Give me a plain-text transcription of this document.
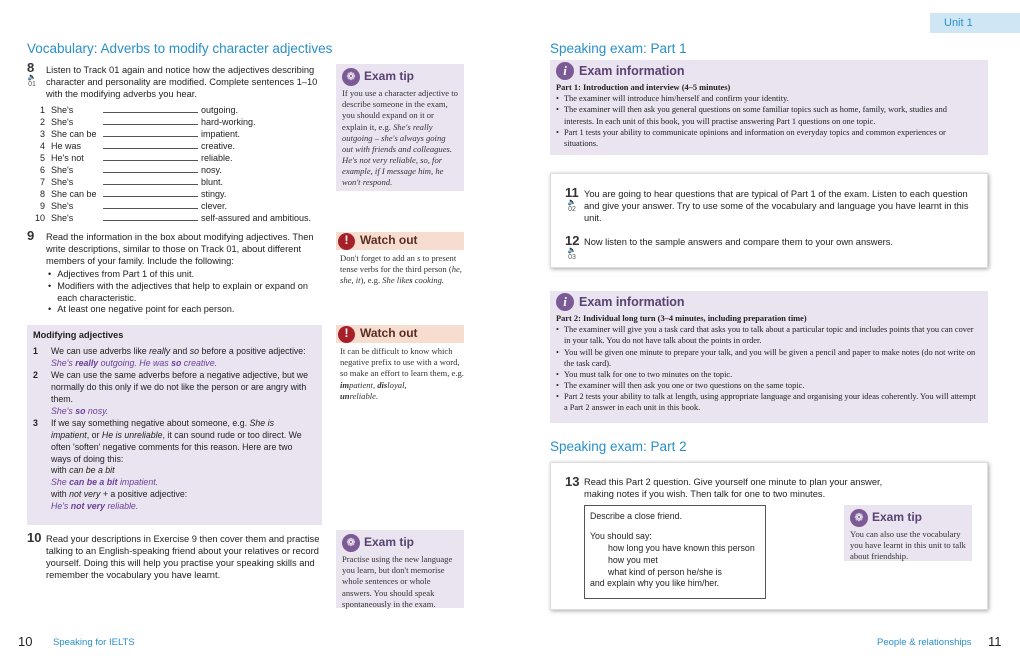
Unit 1
Vocabulary: Adverbs to modify character adjectives
8
🔈
01
Listen to Track 01 again and notice how the adjectives describing character and personality are modified. Complete sentences 1–10 with the modifying adverbs you hear.
1 She's	outgoing.
2 She's	hard-working.
3 She can be	impatient.
4 He was	creative.
5 He's not	reliable.
6 She's	nosy.
7 She's	blunt.
8 She can be	stingy.
9 She's	clever.
10 She's	self-assured and ambitious.
9 Read the information in the box about modifying adjectives. Then write descriptions, similar to those on Track 01, about different members of your family. Include the following:
• Adjectives from Part 1 of this unit.
• Modifiers with the adjectives that help to explain or expand on each characteristic.
• At least one negative point for each person.
Modifying adjectives
1	We can use adverbs like really and so before a positive adjective:
She's really outgoing. He was so creative.
2	We can use the same adverbs before a negative adjective, but we normally do this only if we do not like the person or are angry with them.
She's so nosy.
3	If we say something negative about someone, e.g. She is impatient, or He is unreliable, it can sound rude or too direct. We often 'soften' negative comments for this reason. Here are two ways of doing this:
with can be a bit
She can be a bit impatient.
with not very + a positive adjective:
He's not very reliable.
10 Read your descriptions in Exercise 9 then cover them and practise talking to an English-speaking friend about your relatives or record yourself. Doing this will help you practise your speaking skills and remember the vocabulary you have learnt.
❁ Exam tip
If you use a character adjective to describe someone in the exam, you should expand on it or explain it, e.g. She's really outgoing – she's always going out with friends and colleagues. He's not very reliable, so, for example, if I message him, he won't respond.
! Watch out
Don't forget to add an s to present tense verbs for the third person (he, she, it), e.g. She likes cooking.
! Watch out
It can be difficult to know which negative prefix to use with a word, so make an effort to learn them, e.g. impatient, disloyal,
unreliable.
❁ Exam tip
Practise using the new language you learn, but don't memorise whole sentences or whole answers. You should speak spontaneously in the exam.
10 Speaking for IELTS
Speaking exam: Part 1
i Exam information
Part 1: Introduction and interview (4–5 minutes)
• The examiner will introduce him/herself and confirm your identity.
• The examiner will then ask you general questions on some familiar topics such as home, family, work, studies and interests. In each unit of this book, you will practise answering Part 1 questions on one topic.
• Part 1 tests your ability to communicate opinions and information on everyday topics and common experiences or situations.
11
🔈
02
You are going to hear questions that are typical of Part 1 of the exam. Listen to each question and give your answer. Try to use some of the vocabulary and language you have learnt in this unit.
12
🔈
03
Now listen to the sample answers and compare them to your own answers.
i Exam information
Part 2: Individual long turn (3–4 minutes, including preparation time)
• The examiner will give you a task card that asks you to talk about a particular topic and includes points that you can cover in your talk. You do not have talk about the points in order.
• You will be given one minute to prepare your talk, and you will be given a pencil and paper to make notes (do not write on the task card).
• You must talk for one to two minutes on the topic.
• The examiner will then ask you one or two questions on the same topic.
• Part 2 tests your ability to talk at length, using appropriate language and organising your ideas coherently. You will attempt a Part 2 answer in each unit in this book.
Speaking exam: Part 2
13 Read this Part 2 question. Give yourself one minute to plan your answer, making notes if you wish. Then talk for one to two minutes.
Describe a close friend.
You should say:
how long you have known this person
how you met
what kind of person he/she is
and explain why you like him/her.
❁ Exam tip
You can also use the vocabulary you have learnt in this unit to talk about friendship.
People & relationships 11
